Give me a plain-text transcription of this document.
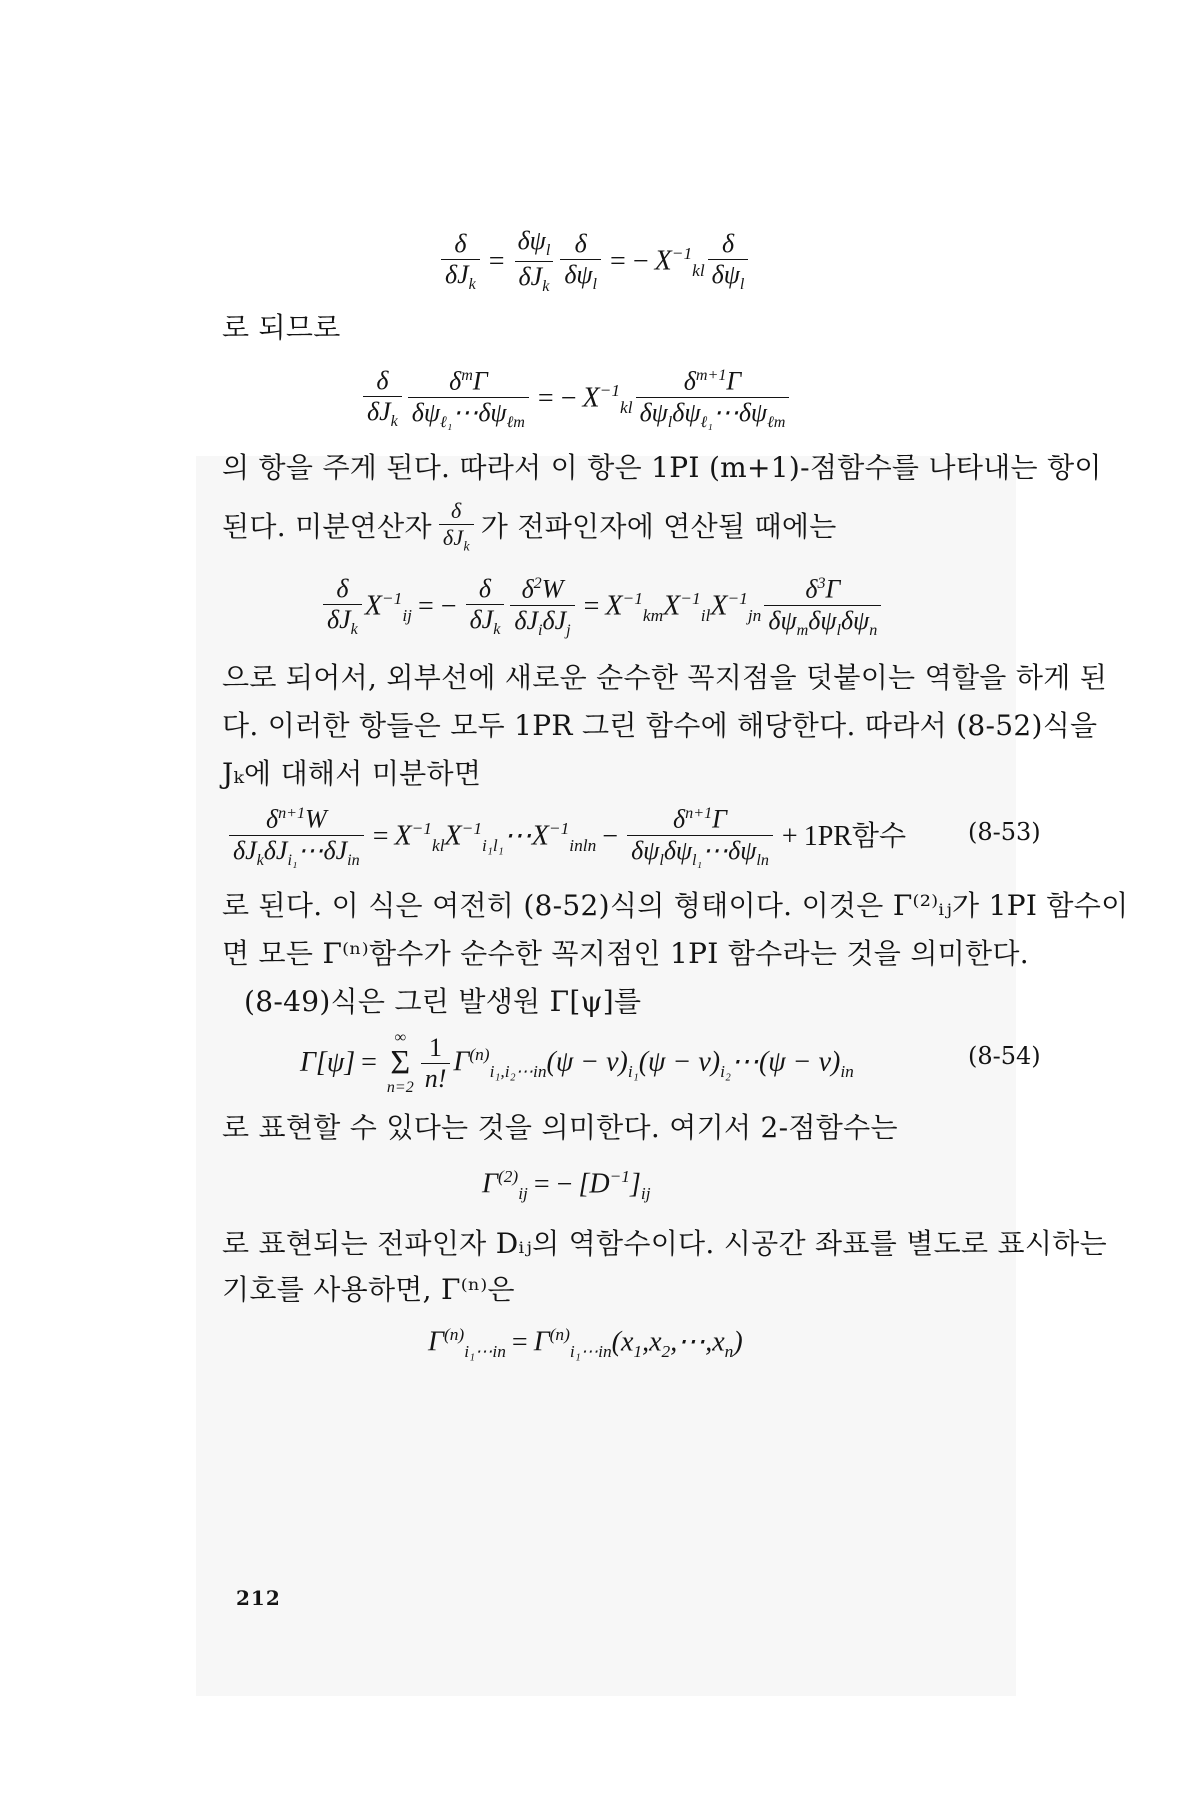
$\frac{\delta}{\delta J_k} = \frac{\delta\psi_l}{\delta J_k} \frac{\delta}{\delta\psi_l}$ = − $X^{-1}_{kl} \frac{\delta}{\delta\psi_l}$
로 되므로
$\frac{\delta}{\delta J_k} \frac{\delta^m\Gamma}{\delta\psi_{\ell_1}\cdots\delta\psi_{\ell m}}$ = − $X^{-1}_{kl} \frac{\delta^{m+1}\Gamma}{\delta\psi_l\delta\psi_{\ell_1}\cdots\delta\psi_{\ell m}}$
의 항을 주게 된다. 따라서 이 항은 1PI (m+1)-점함수를 나타내는 항이
된다. 미분연산자 $\frac{\delta}{\delta J_k}$ 가 전파인자에 연산될 때에는
$\frac{\delta}{\delta J_k} X^{-1}_{ij}$ = − $\frac{\delta}{\delta J_k} \frac{\delta^2W}{\delta J_i\delta J_j} = X^{-1}_{km}X^{-1}_{il}X^{-1}_{jn} \frac{\delta^3\Gamma}{\delta\psi_m\delta\psi_l\delta\psi_n}$
으로 되어서, 외부선에 새로운 순수한 꼭지점을 덧붙이는 역할을 하게 된
다. 이러한 항들은 모두 1PR 그린 함수에 해당한다. 따라서 (8-52)식을
Jₖ에 대해서 미분하면
$\frac{\delta^{n+1}W}{\delta J_k\delta J_{i_1}\cdots\delta J_{in}}$ = $X^{-1}_{kl}X^{-1}_{i_1l_1}\cdots X^{-1}_{inln} - \frac{\delta^{n+1}\Gamma}{\delta\psi_l\delta\psi_{l_1}\cdots\delta\psi_{ln}} + 1PR$함수	(8-53)
로 된다. 이 식은 여전히 (8-52)식의 형태이다. 이것은 Γ⁽²⁾ᵢⱼ가 1PI 함수이
면 모든 Γ⁽ⁿ⁾함수가 순수한 꼭지점인 1PI 함수라는 것을 의미한다.
(8-49)식은 그린 발생원 Γ[ψ]를
Γ[ψ] =
∞
Σ
$n=2 \frac{1}{n!} \Gamma^{(n)}_{i_1,i_2\cdots in}(\psi - v)_{i_1}(\psi$ − $v)_{i_2}\cdots(\psi - v)_{in}$
(8-54)
로 표현할 수 있다는 것을 의미한다. 여기서 2-점함수는
$\Gamma^{(2)}_{ij}$ = − $[D^{-1}]_{ij}$
로 표현되는 전파인자 Dᵢⱼ의 역함수이다. 시공간 좌표를 별도로 표시하는
기호를 사용하면, Γ⁽ⁿ⁾은
$\Gamma^{(n)}_{i_1\cdots in}$ = $\Gamma^{(n)}_{i_1\cdots in}(x_1,x_2,\cdots,x_n)$
212
